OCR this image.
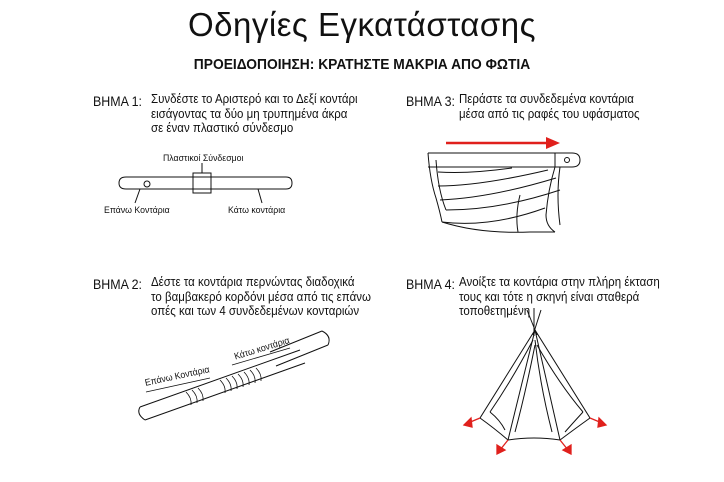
Οδηγίες Εγκατάστασης
ΠΡΟΕΙΔΟΠΟΙΗΣΗ: ΚΡΑΤΗΣΤΕ ΜΑΚΡΙΑ ΑΠΟ ΦΩΤΙΑ
ΒΗΜΑ 1: Συνδέστε το Αριστερό και το Δεξί κοντάρι
εισάγοντας τα δύο μη τρυπημένα άκρα
σε έναν πλαστικό σύνδεσμο
ΒΗΜΑ 2: Δέστε τα κοντάρια περνώντας διαδοχικά
το βαμβακερό κορδόνι μέσα από τις επάνω
οπές και των 4 συνδεδεμένων κονταριών
ΒΗΜΑ 3: Περάστε τα συνδεδεμένα κοντάρια
μέσα από τις ραφές του υφάσματος
ΒΗΜΑ 4: Ανοίξτε τα κοντάρια στην πλήρη έκταση
τους και τότε η σκηνή είναι σταθερά
τοποθετημένη
Πλαστικοί Σύνδεσμοι
Επάνω Κοντάρια	Κάτω κοντάρια
Επάνω Κοντάρια
Κάτω κοντάρια
